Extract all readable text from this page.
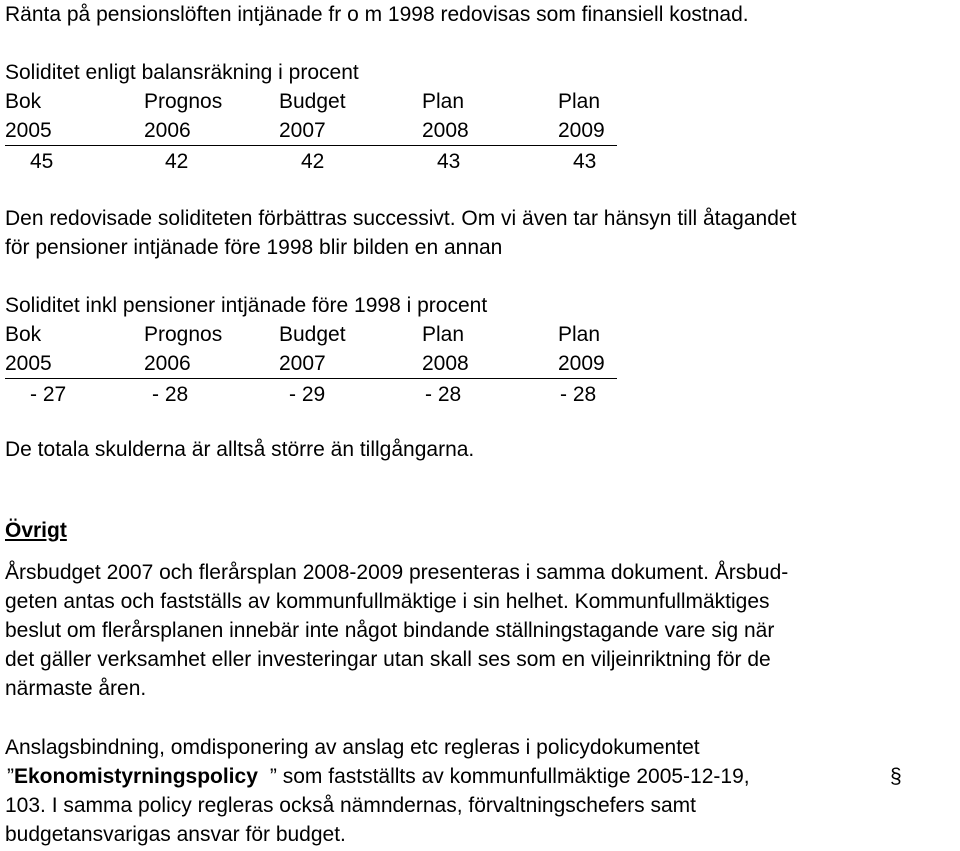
Ränta på pensionslöften intjänade fr o m 1998 redovisas som finansiell kostnad.
Soliditet enligt balansräkning i procent
Bok	Prognos	Budget	Plan	Plan
2005	2006	2007	2008	2009
45	42	42	43	43
Den redovisade soliditeten förbättras successivt. Om vi även tar hänsyn till åtagandet
för pensioner intjänade före 1998 blir bilden en annan
Soliditet inkl pensioner intjänade före 1998 i procent
Bok	Prognos	Budget	Plan	Plan
2005	2006	2007	2008	2009
- 27	- 28	- 29	- 28	- 28
De totala skulderna är alltså större än tillgångarna.
Övrigt
Årsbudget 2007 och flerårsplan 2008-2009 presenteras i samma dokument. Årsbud-
geten antas och fastställs av kommunfullmäktige i sin helhet. Kommunfullmäktiges
beslut om flerårsplanen innebär inte något bindande ställningstagande vare sig när
det gäller verksamhet eller investeringar utan skall ses som en viljeinriktning för de
närmaste åren.
Anslagsbindning, omdisponering av anslag etc regleras i policydokumentet
”Ekonomistyrningspolicy ” som fastställts av kommunfullmäktige 2005-12-19,	§
103. I samma policy regleras också nämndernas, förvaltningschefers samt
budgetansvarigas ansvar för budget.
